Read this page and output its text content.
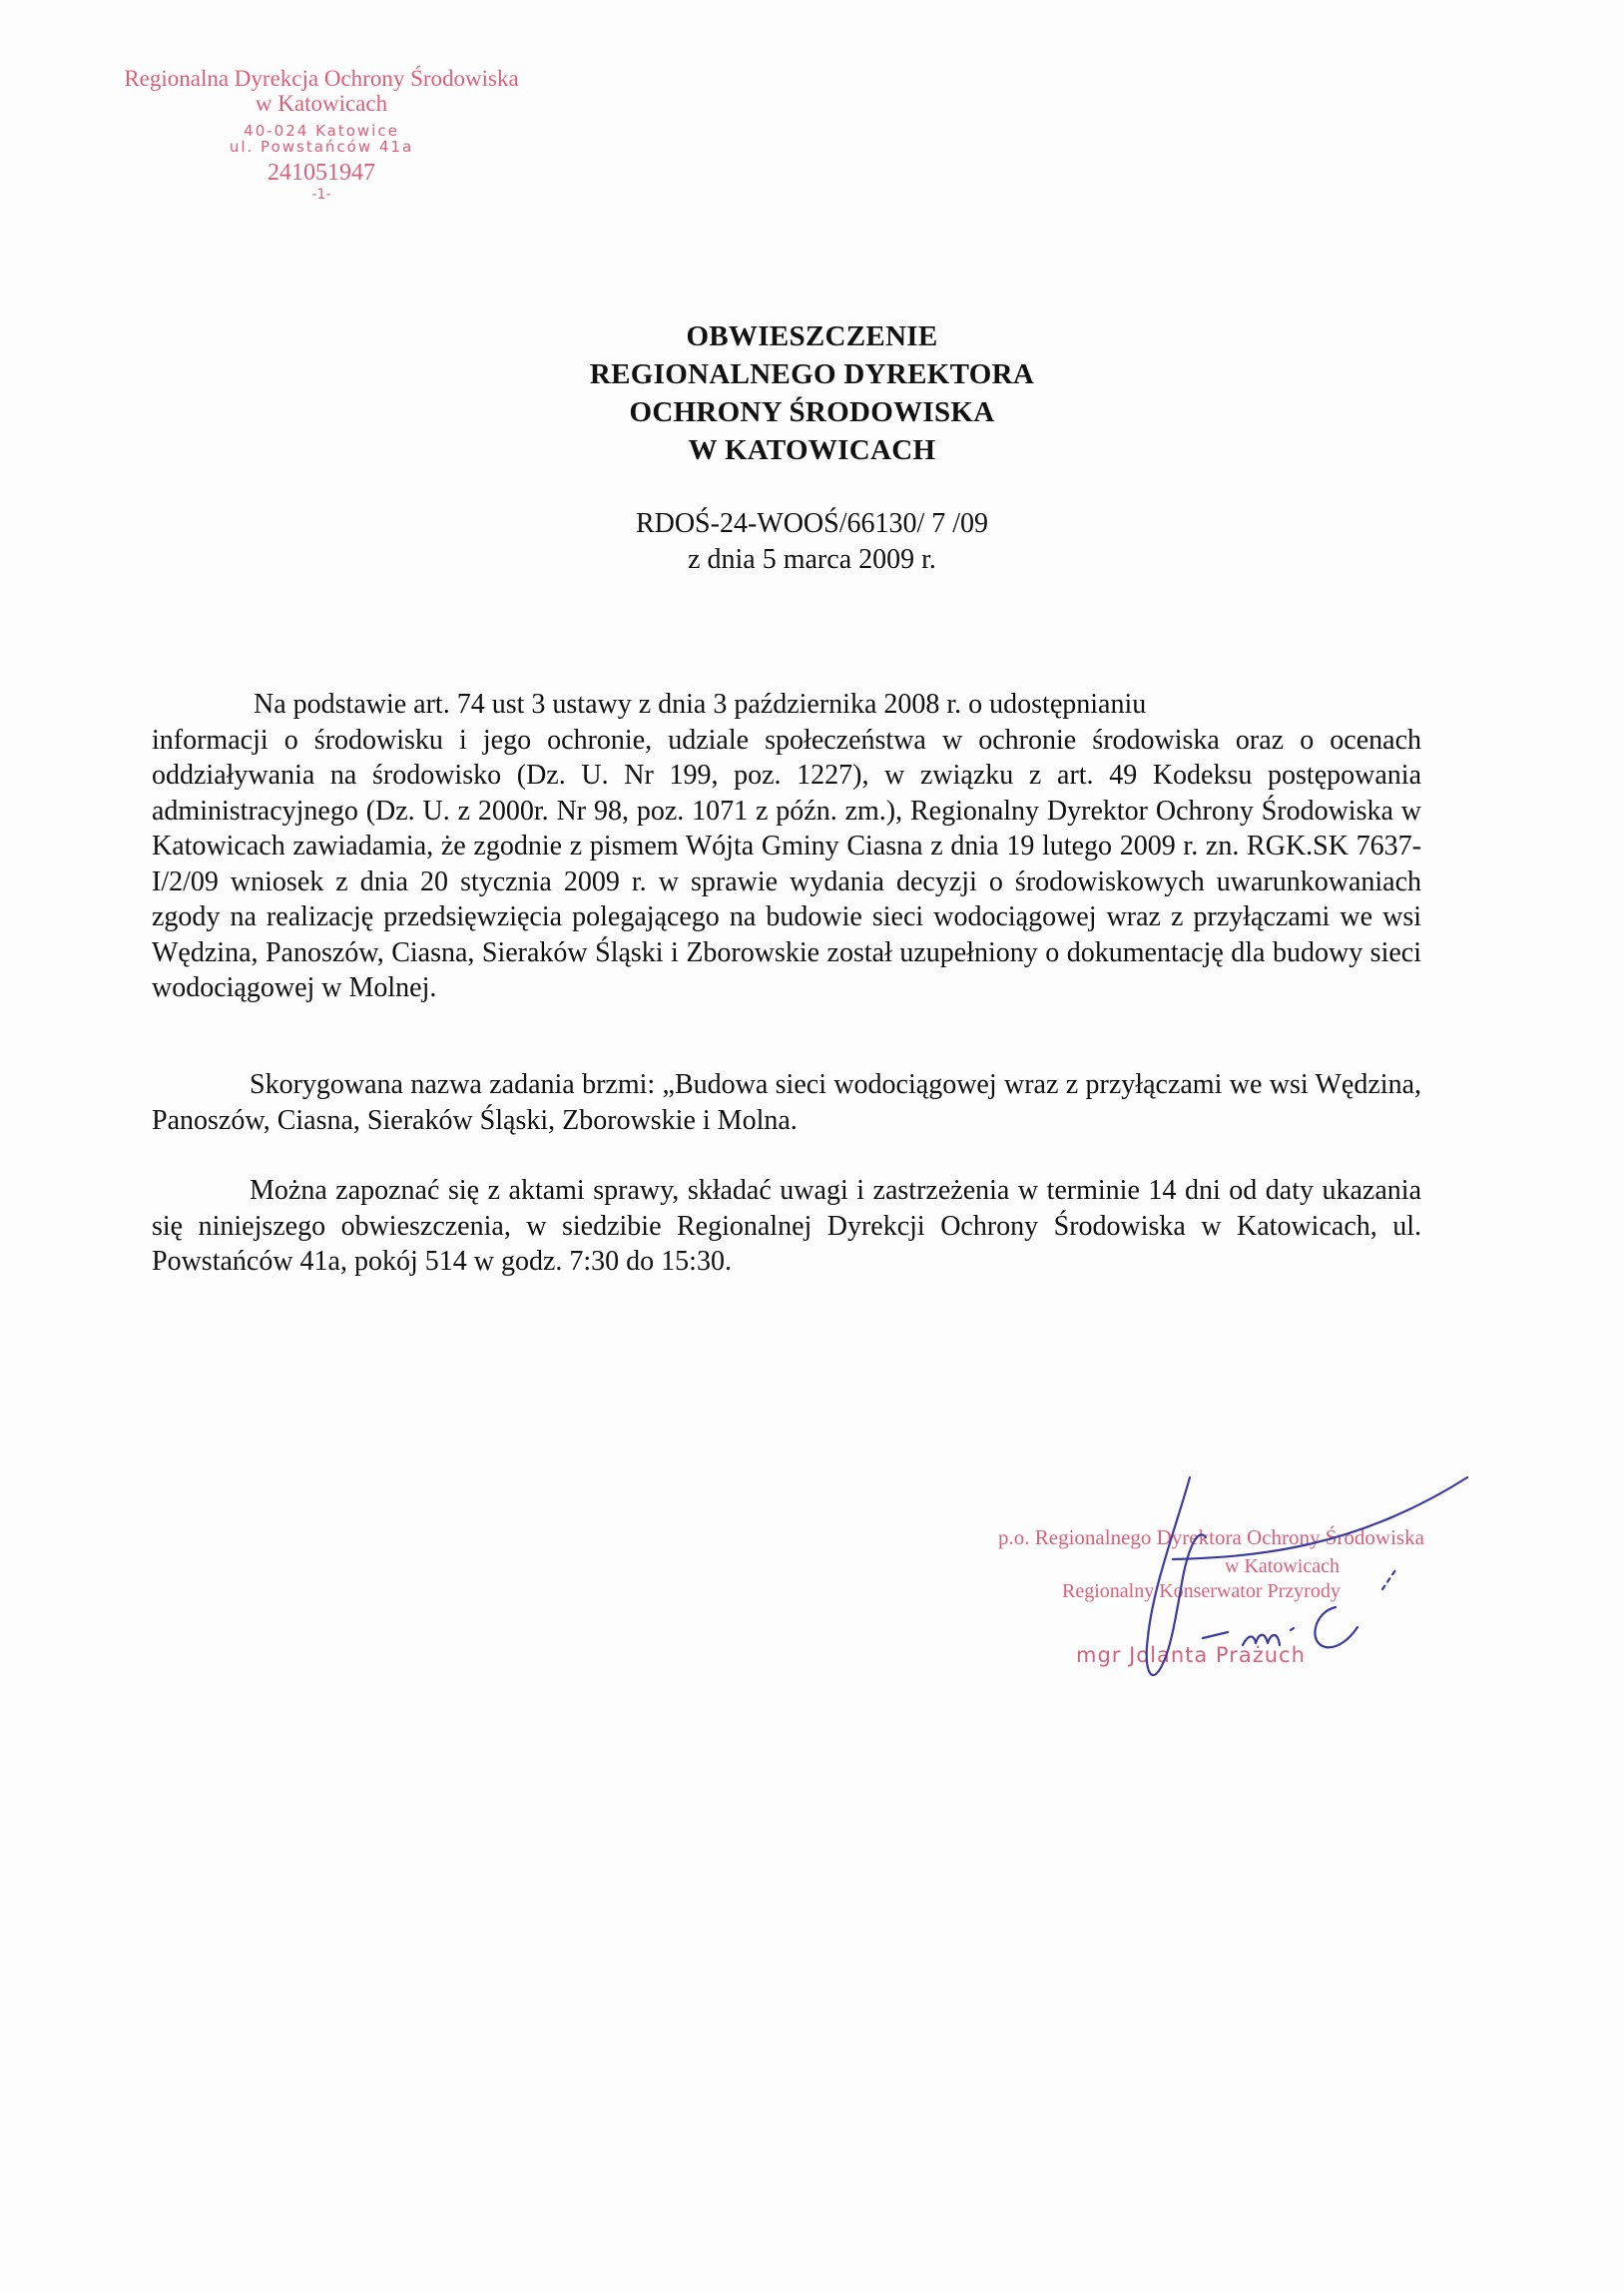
Regionalna Dyrekcja Ochrony Środowiska
w Katowicach
40-024 Katowice
ul. Powstańców 41a
241051947
-1-
OBWIESZCZENIE
REGIONALNEGO DYREKTORA
OCHRONY ŚRODOWISKA
W KATOWICACH
RDOŚ-24-WOOŚ/66130/ 7 /09
z dnia 5 marca 2009 r.

Na podstawie art. 74 ust 3 ustawy z dnia 3 października 2008 r. o udostępnianiu

informacji o środowisku i jego ochronie, udziale społeczeństwa w ochronie środowiska oraz o ocenach oddziaływania na środowisko (Dz. U. Nr 199, poz. 1227), w związku z art. 49 Kodeksu postępowania administracyjnego (Dz. U. z 2000r. Nr 98, poz. 1071 z późn. zm.), Regionalny Dyrektor Ochrony Środowiska w Katowicach zawiadamia, że zgodnie z pismem Wójta Gminy Ciasna z dnia 19 lutego 2009 r. zn. RGK.SK 7637-I/2/09 wniosek z dnia 20 stycznia 2009 r. w sprawie wydania decyzji o środowiskowych uwarunkowaniach zgody na realizację przedsięwzięcia polegającego na budowie sieci wodociągowej wraz z przyłączami we wsi Wędzina, Panoszów, Ciasna, Sieraków Śląski i Zborowskie został uzupełniony o dokumentację dla budowy sieci wodociągowej w Molnej.

Skorygowana nazwa zadania brzmi: „Budowa sieci wodociągowej wraz z przyłączami we wsi Wędzina, Panoszów, Ciasna, Sieraków Śląski, Zborowskie i Molna.

Można zapoznać się z aktami sprawy, składać uwagi i zastrzeżenia w terminie 14 dni od daty ukazania się niniejszego obwieszczenia, w siedzibie Regionalnej Dyrekcji Ochrony Środowiska w Katowicach, ul. Powstańców 41a, pokój 514 w godz. 7:30 do 15:30.

p.o. Regionalnego Dyrektora Ochrony Środowiska
w Katowicach
Regionalny Konserwator Przyrody
mgr Jolanta Prażuch
